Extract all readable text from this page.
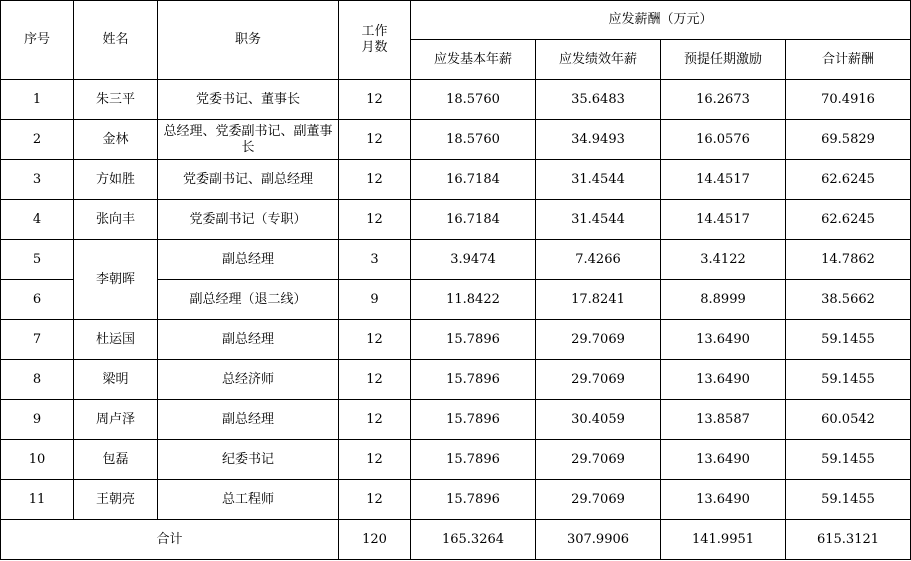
序号	姓名	职务	工作月数	应发薪酬（万元）			
				应发基本年薪	应发绩效年薪	预提任期激励	合计薪酬
1	朱三平	党委书记、董事长	12	18.5760	35.6483	16.2673	70.4916
2	金林	总经理、党委副书记、副董事长	12	18.5760	34.9493	16.0576	69.5829
3	方如胜	党委副书记、副总经理	12	16.7184	31.4544	14.4517	62.6245
4	张向丰	党委副书记（专职）	12	16.7184	31.4544	14.4517	62.6245
5	李朝晖	副总经理	3	3.9474	7.4266	3.4122	14.7862
6		副总经理（退二线）	9	11.8422	17.8241	8.8999	38.5662
7	杜运国	副总经理	12	15.7896	29.7069	13.6490	59.1455
8	梁明	总经济师	12	15.7896	29.7069	13.6490	59.1455
9	周卢泽	副总经理	12	15.7896	30.4059	13.8587	60.0542
10	包磊	纪委书记	12	15.7896	29.7069	13.6490	59.1455
11	王朝亮	总工程师	12	15.7896	29.7069	13.6490	59.1455
合计			120	165.3264	307.9906	141.9951	615.3121
